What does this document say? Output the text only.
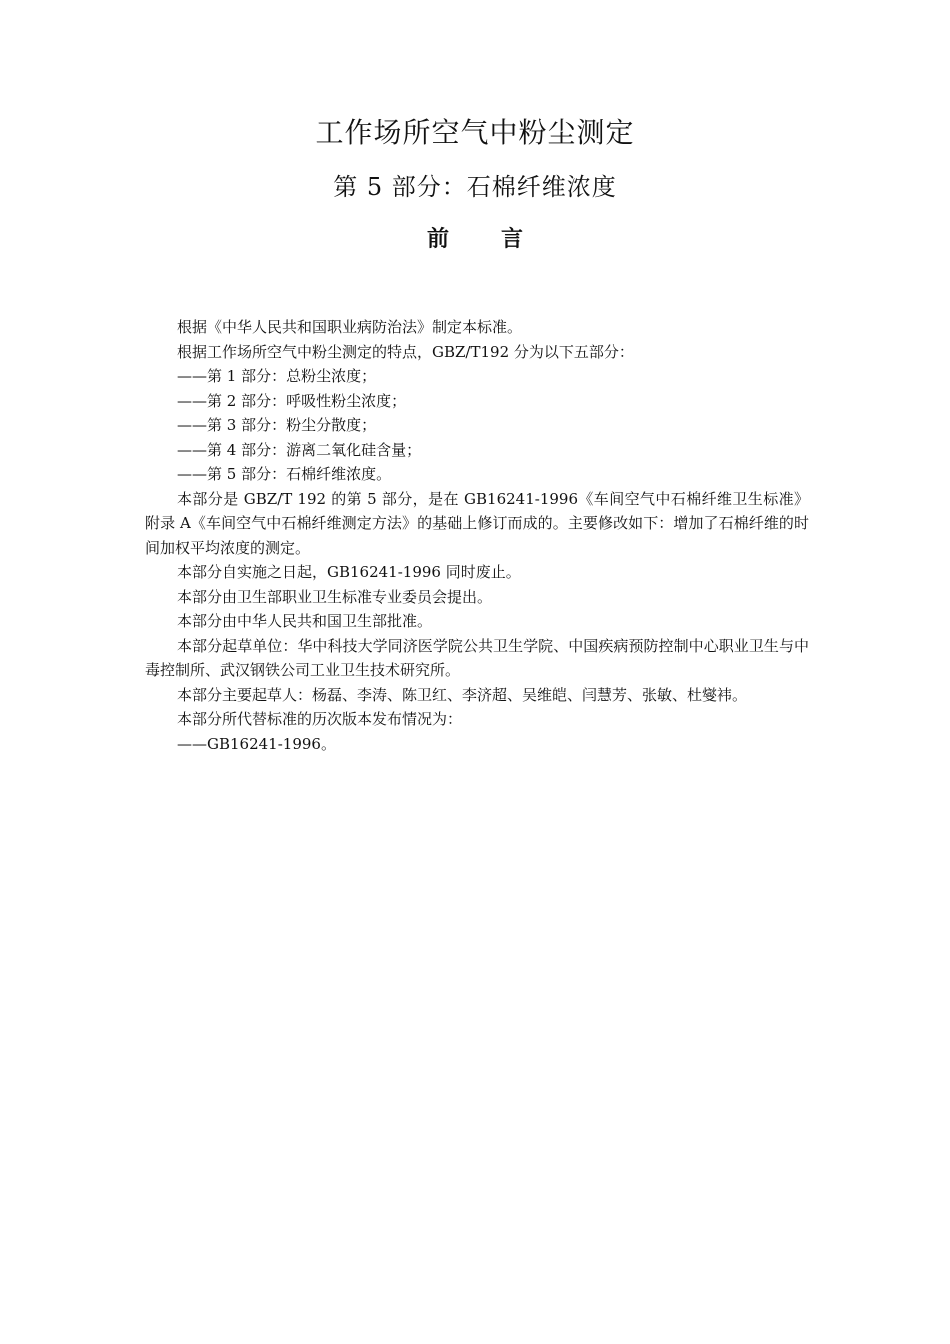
工作场所空气中粉尘测定
第 5 部分：石棉纤维浓度
前 言

根据《中华人民共和国职业病防治法》制定本标准。

根据工作场所空气中粉尘测定的特点，GBZ/T192 分为以下五部分：

——第 1 部分：总粉尘浓度；

——第 2 部分：呼吸性粉尘浓度；

——第 3 部分：粉尘分散度；

——第 4 部分：游离二氧化硅含量；

——第 5 部分：石棉纤维浓度。

本部分是 GBZ/T 192 的第 5 部分，是在 GB16241-1996《车间空气中石棉纤维卫生标准》附录 A《车间空气中石棉纤维测定方法》的基础上修订而成的。主要修改如下：增加了石棉纤维的时间加权平均浓度的测定。

本部分自实施之日起，GB16241-1996 同时废止。

本部分由卫生部职业卫生标准专业委员会提出。

本部分由中华人民共和国卫生部批准。

本部分起草单位：华中科技大学同济医学院公共卫生学院、中国疾病预防控制中心职业卫生与中毒控制所、武汉钢铁公司工业卫生技术研究所。

本部分主要起草人：杨磊、李涛、陈卫红、李济超、吴维皑、闫慧芳、张敏、杜燮袆。

本部分所代替标准的历次版本发布情况为：

——GB16241-1996。
